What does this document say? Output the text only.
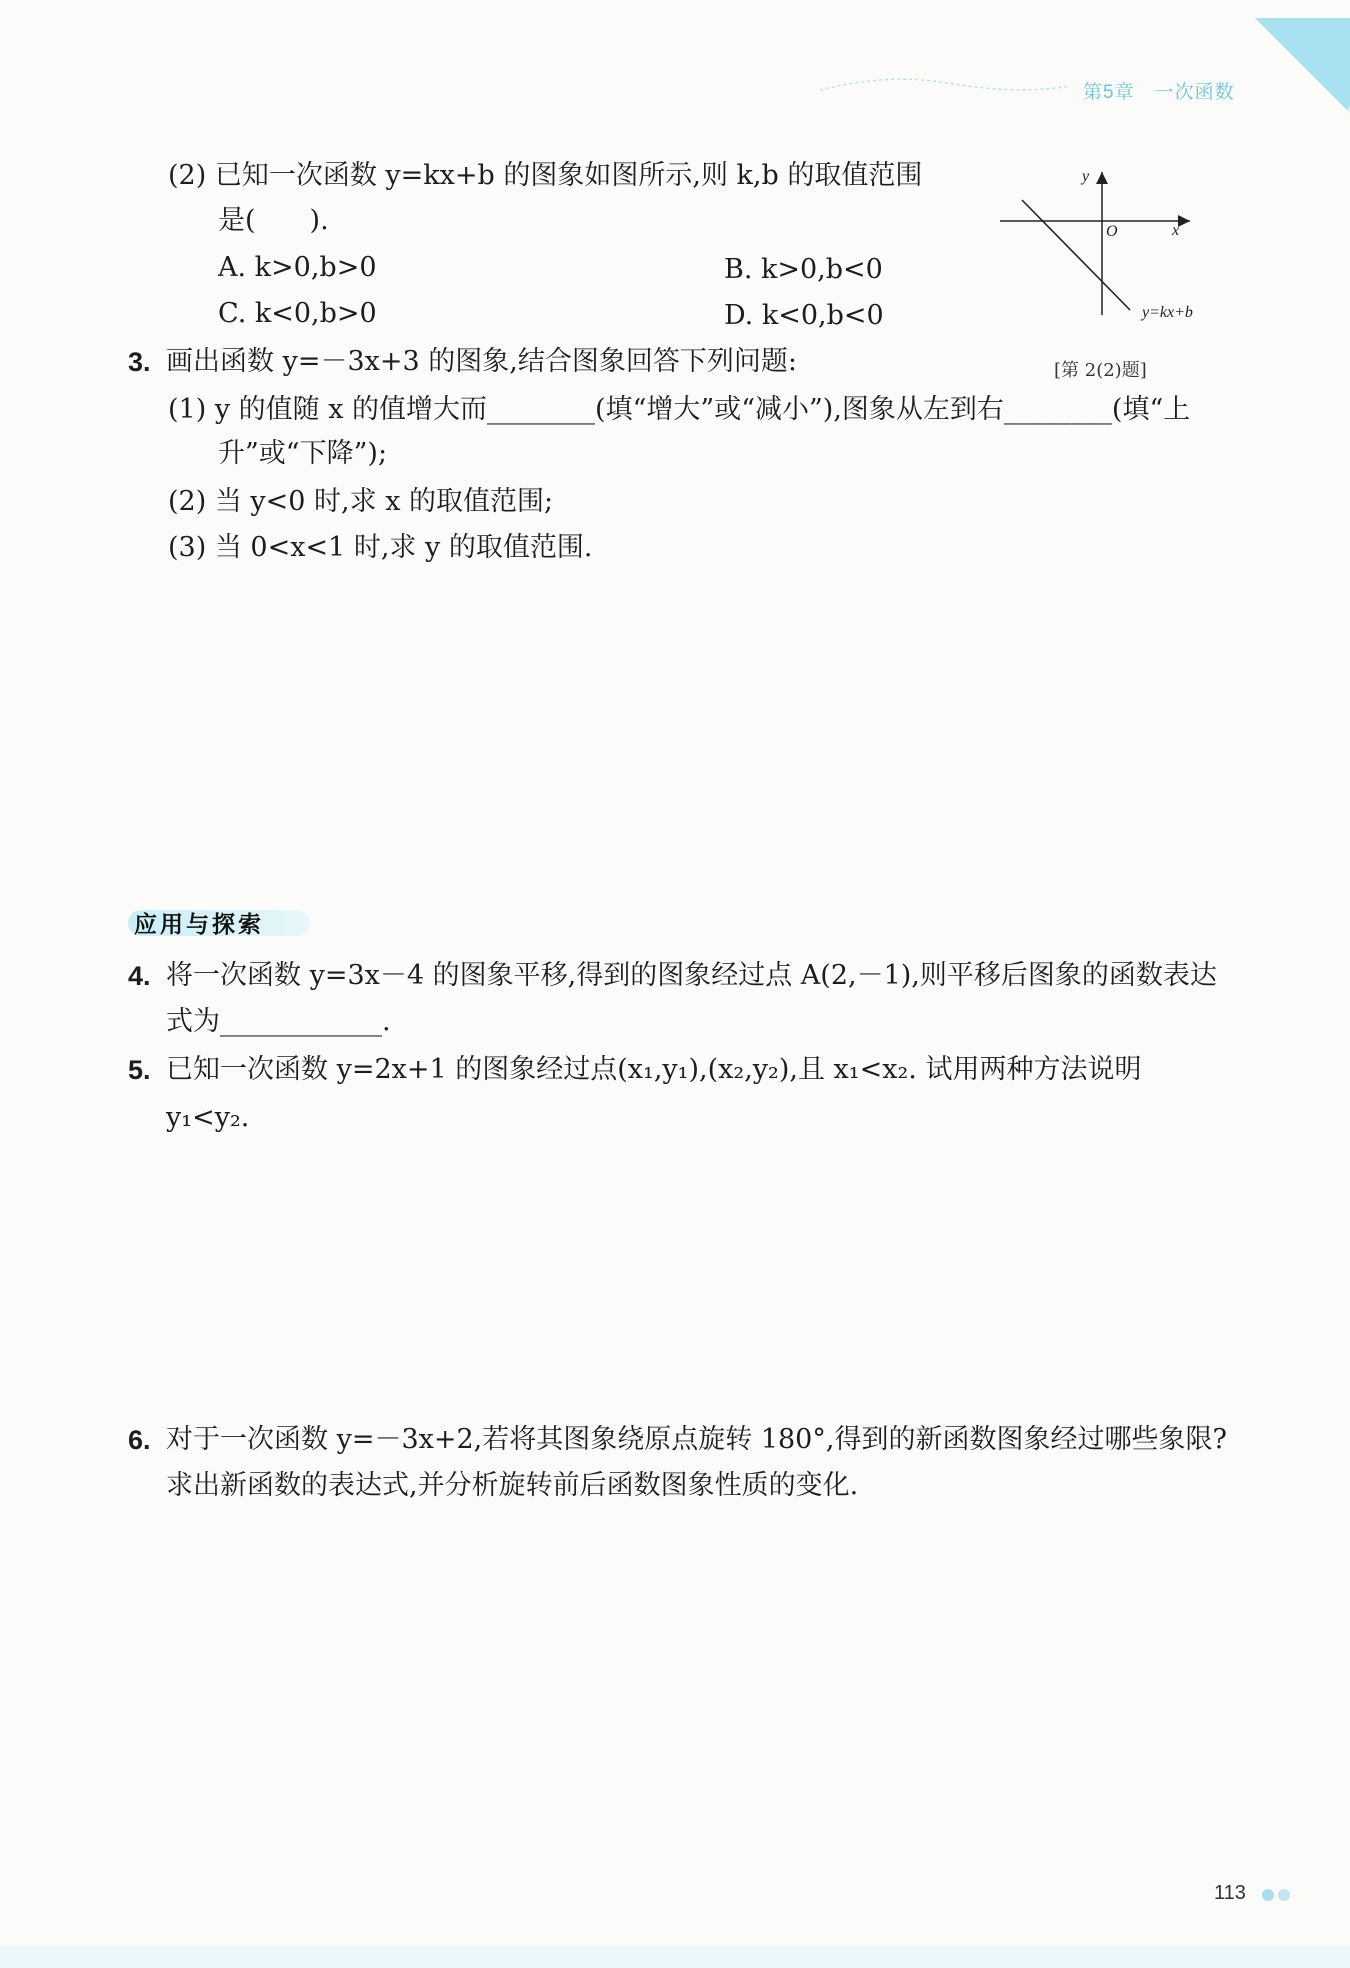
第5章　一次函数
(2) 已知一次函数 y=kx+b 的图象如图所示,则 k,b 的取值范围
是(　　).
A. k>0,b>0	B. k>0,b<0
C. k<0,b>0	D. k<0,b<0
y
x
O
y=kx+b
[第 2(2)题]
3. 画出函数 y=－3x+3 的图象,结合图象回答下列问题:
(1) y 的值随 x 的值增大而________(填“增大”或“减小”),图象从左到右________(填“上
升”或“下降”);
(2) 当 y<0 时,求 x 的取值范围;
(3) 当 0<x<1 时,求 y 的取值范围.
应用与探索
4. 将一次函数 y=3x－4 的图象平移,得到的图象经过点 A(2,－1),则平移后图象的函数表达
式为____________.
5. 已知一次函数 y=2x+1 的图象经过点(x₁,y₁),(x₂,y₂),且 x₁<x₂. 试用两种方法说明
y₁<y₂.
6. 对于一次函数 y=－3x+2,若将其图象绕原点旋转 180°,得到的新函数图象经过哪些象限?
求出新函数的表达式,并分析旋转前后函数图象性质的变化.
113
